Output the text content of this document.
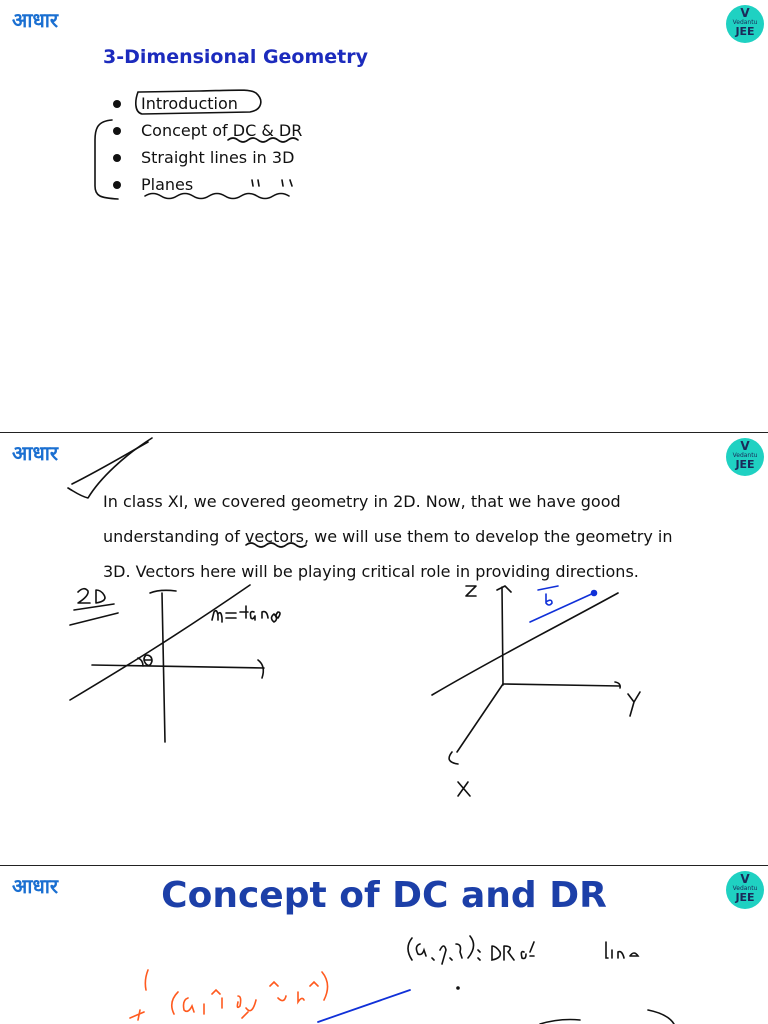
आधार	V
Vedantu
JEE
3-Dimensional Geometry
Introduction
Concept of DC & DR
Straight lines in 3D
Planes
आधार	V
Vedantu
JEE

In class XI, we covered geometry in 2D. Now, that we have good

understanding of vectors, we will use them to develop the geometry in

3D. Vectors here will be playing critical role in providing directions.

आधार	V
Vedantu
JEE
Concept of DC and DR
